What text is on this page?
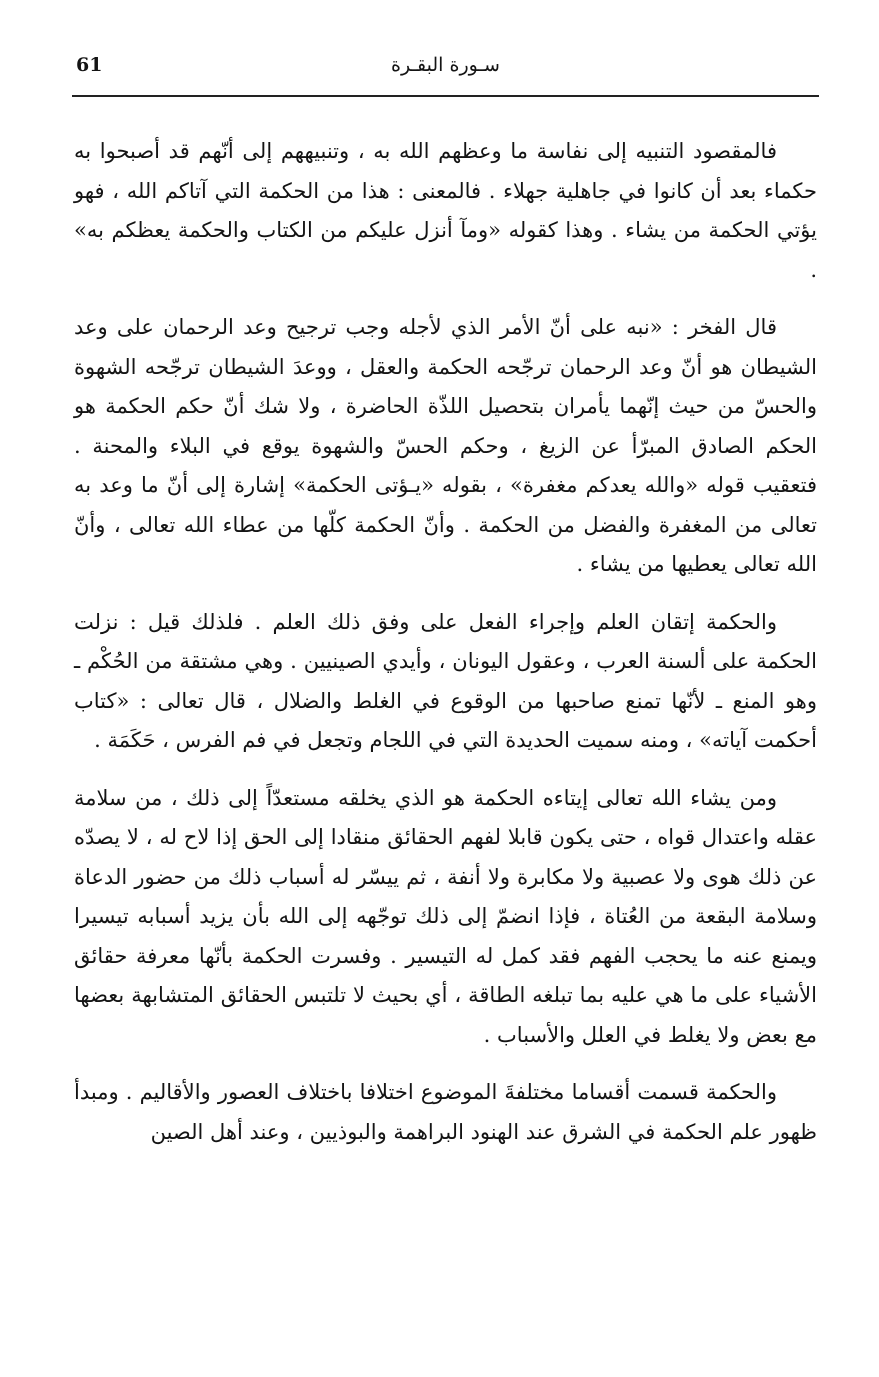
61	سـورة البقـرة

فالمقصود التنبيه إلى نفاسة ما وعظهم الله به ، وتنبيههم إلى أنّهم قد أصبحوا به حكماء بعد أن كانوا في جاهلية جهلاء . فالمعنى : هذا من الحكمة التي آتاكم الله ، فهو يؤتي الحكمة من يشاء . وهذا كقوله «ومآ أنزل عليكم من الكتاب والحكمة يعظكم به» .

قال الفخر : «نبه على أنّ الأمر الذي لأجله وجب ترجيح وعد الرحمان على وعد الشيطان هو أنّ وعد الرحمان ترجّحه الحكمة والعقل ، ووعدَ الشيطان ترجّحه الشهوة والحسّ من حيث إنّهما يأمران بتحصيل اللذّة الحاضرة ، ولا شك أنّ حكم الحكمة هو الحكم الصادق المبرّأ عن الزيغ ، وحكم الحسّ والشهوة يوقع في البلاء والمحنة . فتعقيب قوله «والله يعدكم مغفرة» ، بقوله «يـؤتى الحكمة» إشارة إلى أنّ ما وعد به تعالى من المغفرة والفضل من الحكمة . وأنّ الحكمة كلّها من عطاء الله تعالى ، وأنّ الله تعالى يعطيها من يشاء .

والحكمة إتقان العلم وإجراء الفعل على وفق ذلك العلم . فلذلك قيل : نزلت الحكمة على ألسنة العرب ، وعقول اليونان ، وأيدي الصينيين . وهي مشتقة من الحُكْم ـ وهو المنع ـ لأنّها تمنع صاحبها من الوقوع في الغلط والضلال ، قال تعالى : «كتاب أحكمت آياته» ، ومنه سميت الحديدة التي في اللجام وتجعل في فم الفرس ، حَكَمَة .

ومن يشاء الله تعالى إيتاءه الحكمة هو الذي يخلقه مستعدّاً إلى ذلك ، من سلامة عقله واعتدال قواه ، حتى يكون قابلا لفهم الحقائق منقادا إلى الحق إذا لاح له ، لا يصدّه عن ذلك هوى ولا عصبية ولا مكابرة ولا أنفة ، ثم ييسّر له أسباب ذلك من حضور الدعاة وسلامة البقعة من العُتاة ، فإذا انضمّ إلى ذلك توجّهه إلى الله بأن يزيد أسبابه تيسيرا ويمنع عنه ما يحجب الفهم فقد كمل له التيسير . وفسرت الحكمة بأنّها معرفة حقائق الأشياء على ما هي عليه بما تبلغه الطاقة ، أي بحيث لا تلتبس الحقائق المتشابهة بعضها مع بعض ولا يغلط في العلل والأسباب .

والحكمة قسمت أقساما مختلفةَ الموضوع اختلافا باختلاف العصور والأقاليم . ومبدأ ظهور علم الحكمة في الشرق عند الهنود البراهمة والبوذيين ، وعند أهل الصين
